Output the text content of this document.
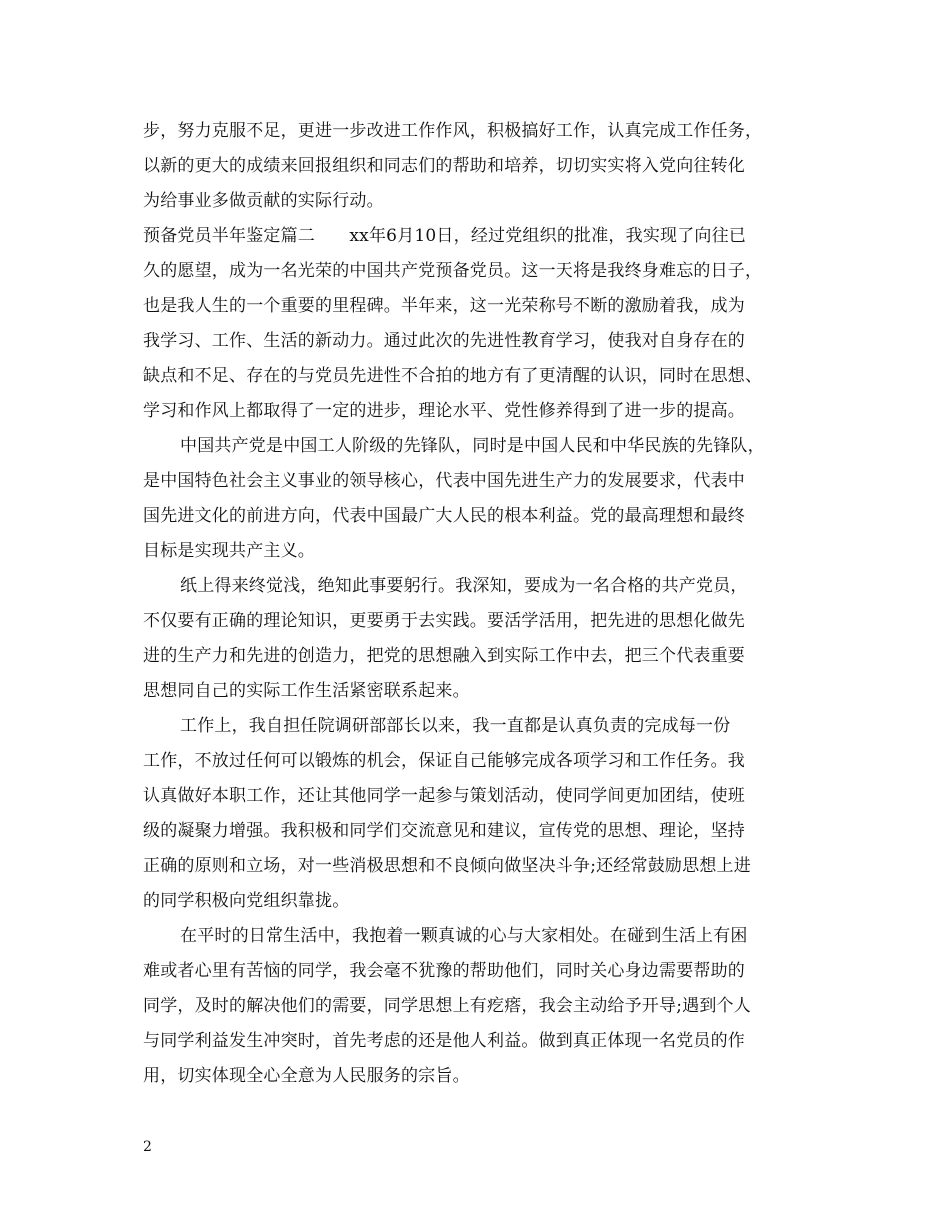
步，努力克服不足，更进一步改进工作作风，积极搞好工作，认真完成工作任务，
以新的更大的成绩来回报组织和同志们的帮助和培养，切切实实将入党向往转化
为给事业多做贡献的实际行动。
预备党员半年鉴定篇二　　xx年6月10日，经过党组织的批准，我实现了向往已
久的愿望，成为一名光荣的中国共产党预备党员。这一天将是我终身难忘的日子，
也是我人生的一个重要的里程碑。半年来，这一光荣称号不断的激励着我，成为
我学习、工作、生活的新动力。通过此次的先进性教育学习，使我对自身存在的
缺点和不足、存在的与党员先进性不合拍的地方有了更清醒的认识，同时在思想、
学习和作风上都取得了一定的进步，理论水平、党性修养得到了进一步的提高。
中国共产党是中国工人阶级的先锋队，同时是中国人民和中华民族的先锋队，
是中国特色社会主义事业的领导核心，代表中国先进生产力的发展要求，代表中
国先进文化的前进方向，代表中国最广大人民的根本利益。党的最高理想和最终
目标是实现共产主义。
纸上得来终觉浅，绝知此事要躬行。我深知，要成为一名合格的共产党员，
不仅要有正确的理论知识，更要勇于去实践。要活学活用，把先进的思想化做先
进的生产力和先进的创造力，把党的思想融入到实际工作中去，把三个代表重要
思想同自己的实际工作生活紧密联系起来。
工作上，我自担任院调研部部长以来，我一直都是认真负责的完成每一份
工作，不放过任何可以锻炼的机会，保证自己能够完成各项学习和工作任务。我
认真做好本职工作，还让其他同学一起参与策划活动，使同学间更加团结，使班
级的凝聚力增强。我积极和同学们交流意见和建议，宣传党的思想、理论，坚持
正确的原则和立场，对一些消极思想和不良倾向做坚决斗争;还经常鼓励思想上进
的同学积极向党组织靠拢。
在平时的日常生活中，我抱着一颗真诚的心与大家相处。在碰到生活上有困
难或者心里有苦恼的同学，我会毫不犹豫的帮助他们，同时关心身边需要帮助的
同学，及时的解决他们的需要，同学思想上有疙瘩，我会主动给予开导;遇到个人
与同学利益发生冲突时，首先考虑的还是他人利益。做到真正体现一名党员的作
用，切实体现全心全意为人民服务的宗旨。
2
